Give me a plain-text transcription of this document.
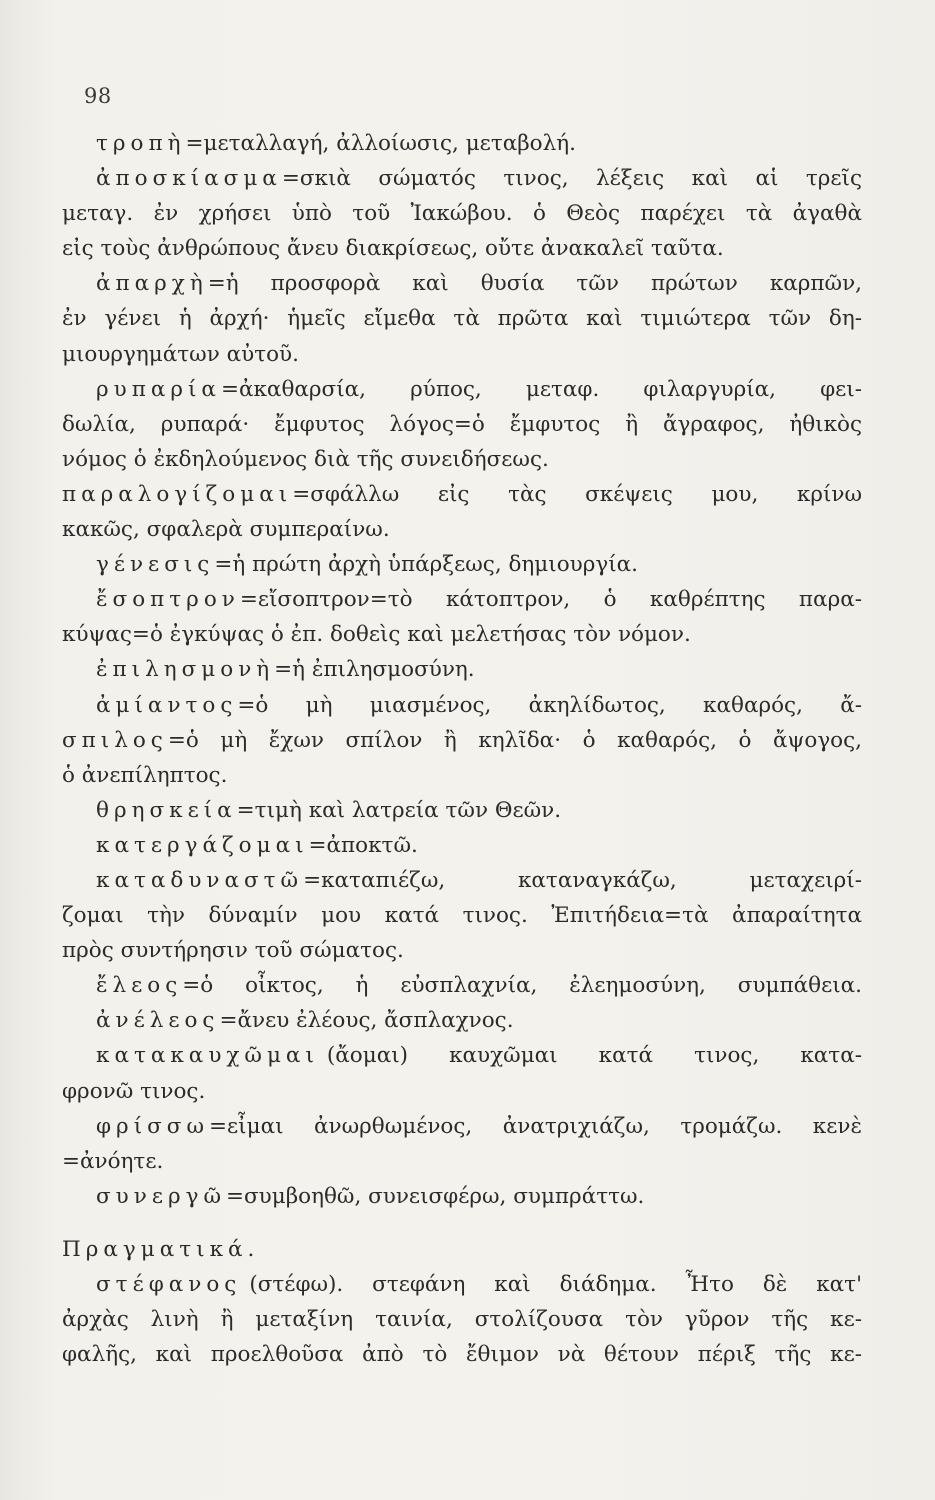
98
τροπὴ=μεταλλαγή, ἀλλοίωσις, μεταβολή.
ἀποσκίασμα=σκιὰ σώματός τινος, λέξεις καὶ αἱ τρεῖς
μεταγ. ἐν χρήσει ὑπὸ τοῦ Ἰακώβου. ὁ Θεὸς παρέχει τὰ ἀγαθὰ
εἰς τοὺς ἀνθρώπους ἄνευ διακρίσεως, οὔτε ἀνακαλεῖ ταῦτα.
ἀπαρχὴ=ἡ προσφορὰ καὶ θυσία τῶν πρώτων καρπῶν,
ἐν γένει ἡ ἀρχή· ἡμεῖς εἴμεθα τὰ πρῶτα καὶ τιμιώτερα τῶν δη-
μιουργημάτων αὐτοῦ.
ρυπαρία=ἀκαθαρσία, ρύπος, μεταφ. φιλαργυρία, φει-
δωλία, ρυπαρά· ἔμφυτος λόγος=ὁ ἔμφυτος ἢ ἄγραφος, ἠθικὸς
νόμος ὁ ἐκδηλούμενος διὰ τῆς συνειδήσεως.
παραλογίζομαι=σφάλλω εἰς τὰς σκέψεις μου, κρίνω
κακῶς, σφαλερὰ συμπεραίνω.
γένεσις=ἡ πρώτη ἀρχὴ ὑπάρξεως, δημιουργία.
ἔσοπτρον=εἴσοπτρον=τὸ κάτοπτρον, ὁ καθρέπτης παρα-
κύψας=ὁ ἐγκύψας ὁ ἐπ. δοθεὶς καὶ μελετήσας τὸν νόμον.
ἐπιλησμονὴ=ἡ ἐπιλησμοσύνη.
ἀμίαντος=ὁ μὴ μιασμένος, ἀκηλίδωτος, καθαρός, ἄ-
σπιλος=ὁ μὴ ἔχων σπίλον ἢ κηλῖδα· ὁ καθαρός, ὁ ἄψογος,
ὁ ἀνεπίληπτος.
θρησκεία=τιμὴ καὶ λατρεία τῶν Θεῶν.
κατεργάζομαι=ἀποκτῶ.
καταδυναστῶ=καταπιέζω, καταναγκάζω, μεταχειρί-
ζομαι τὴν δύναμίν μου κατά τινος. Ἐπιτήδεια=τὰ ἀπαραίτητα
πρὸς συντήρησιν τοῦ σώματος.
ἔλεος=ὁ οἶκτος, ἡ εὐσπλαχνία, ἐλεημοσύνη, συμπάθεια.
ἀνέλεος=ἄνευ ἐλέους, ἄσπλαχνος.
κατακαυχῶμαι (ἄομαι) καυχῶμαι κατά τινος, κατα-
φρονῶ τινος.
φρίσσω=εἶμαι ἀνωρθωμένος, ἀνατριχιάζω, τρομάζω. κενὲ
=ἀνόητε.
συνεργῶ=συμβοηθῶ, συνεισφέρω, συμπράττω.
Πραγματικά.
στέφανος (στέφω). στεφάνη καὶ διάδημα. Ἦτο δὲ κατ'
ἀρχὰς λινὴ ἢ μεταξίνη ταινία, στολίζουσα τὸν γῦρον τῆς κε-
φαλῆς, καὶ προελθοῦσα ἀπὸ τὸ ἔθιμον νὰ θέτουν πέριξ τῆς κε-
